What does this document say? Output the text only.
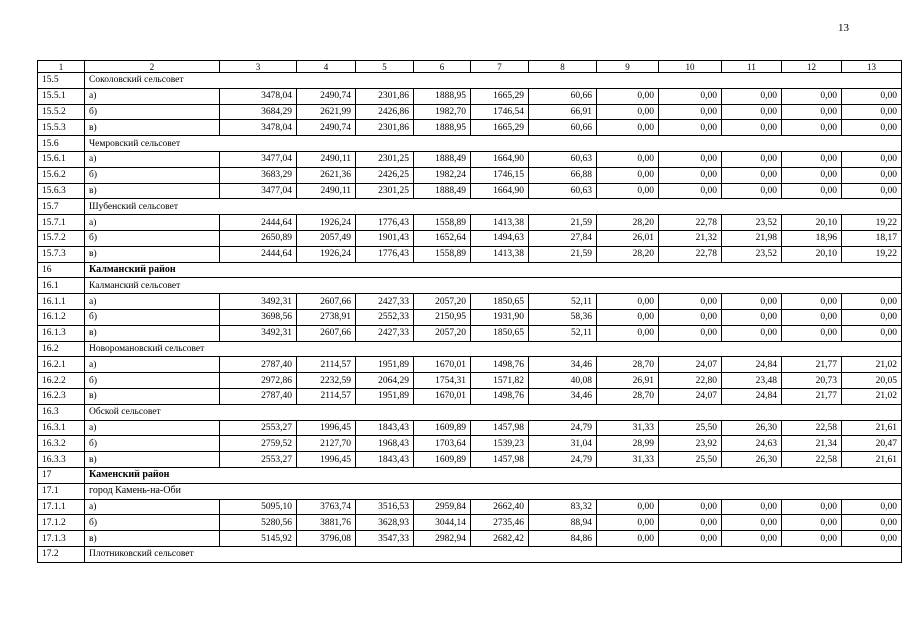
13
1	2	3	4	5	6	7	8	9	10	11	12	13
15.5	Соколовский сельсовет											
15.5.1	а)	3478,04	2490,74	2301,86	1888,95	1665,29	60,66	0,00	0,00	0,00	0,00	0,00
15.5.2	б)	3684,29	2621,99	2426,86	1982,70	1746,54	66,91	0,00	0,00	0,00	0,00	0,00
15.5.3	в)	3478,04	2490,74	2301,86	1888,95	1665,29	60,66	0,00	0,00	0,00	0,00	0,00
15.6	Чемровский сельсовет											
15.6.1	а)	3477,04	2490,11	2301,25	1888,49	1664,90	60,63	0,00	0,00	0,00	0,00	0,00
15.6.2	б)	3683,29	2621,36	2426,25	1982,24	1746,15	66,88	0,00	0,00	0,00	0,00	0,00
15.6.3	в)	3477,04	2490,11	2301,25	1888,49	1664,90	60,63	0,00	0,00	0,00	0,00	0,00
15.7	Шубенский сельсовет											
15.7.1	а)	2444,64	1926,24	1776,43	1558,89	1413,38	21,59	28,20	22,78	23,52	20,10	19,22
15.7.2	б)	2650,89	2057,49	1901,43	1652,64	1494,63	27,84	26,01	21,32	21,98	18,96	18,17
15.7.3	в)	2444,64	1926,24	1776,43	1558,89	1413,38	21,59	28,20	22,78	23,52	20,10	19,22
16	Калманский район											
16.1	Калманский сельсовет											
16.1.1	а)	3492,31	2607,66	2427,33	2057,20	1850,65	52,11	0,00	0,00	0,00	0,00	0,00
16.1.2	б)	3698,56	2738,91	2552,33	2150,95	1931,90	58,36	0,00	0,00	0,00	0,00	0,00
16.1.3	в)	3492,31	2607,66	2427,33	2057,20	1850,65	52,11	0,00	0,00	0,00	0,00	0,00
16.2	Новоромановский сельсовет											
16.2.1	а)	2787,40	2114,57	1951,89	1670,01	1498,76	34,46	28,70	24,07	24,84	21,77	21,02
16.2.2	б)	2972,86	2232,59	2064,29	1754,31	1571,82	40,08	26,91	22,80	23,48	20,73	20,05
16.2.3	в)	2787,40	2114,57	1951,89	1670,01	1498,76	34,46	28,70	24,07	24,84	21,77	21,02
16.3	Обской сельсовет											
16.3.1	а)	2553,27	1996,45	1843,43	1609,89	1457,98	24,79	31,33	25,50	26,30	22,58	21,61
16.3.2	б)	2759,52	2127,70	1968,43	1703,64	1539,23	31,04	28,99	23,92	24,63	21,34	20,47
16.3.3	в)	2553,27	1996,45	1843,43	1609,89	1457,98	24,79	31,33	25,50	26,30	22,58	21,61
17	Каменский район											
17.1	город Камень-на-Оби											
17.1.1	а)	5095,10	3763,74	3516,53	2959,84	2662,40	83,32	0,00	0,00	0,00	0,00	0,00
17.1.2	б)	5280,56	3881,76	3628,93	3044,14	2735,46	88,94	0,00	0,00	0,00	0,00	0,00
17.1.3	в)	5145,92	3796,08	3547,33	2982,94	2682,42	84,86	0,00	0,00	0,00	0,00	0,00
17.2	Плотниковский сельсовет											
